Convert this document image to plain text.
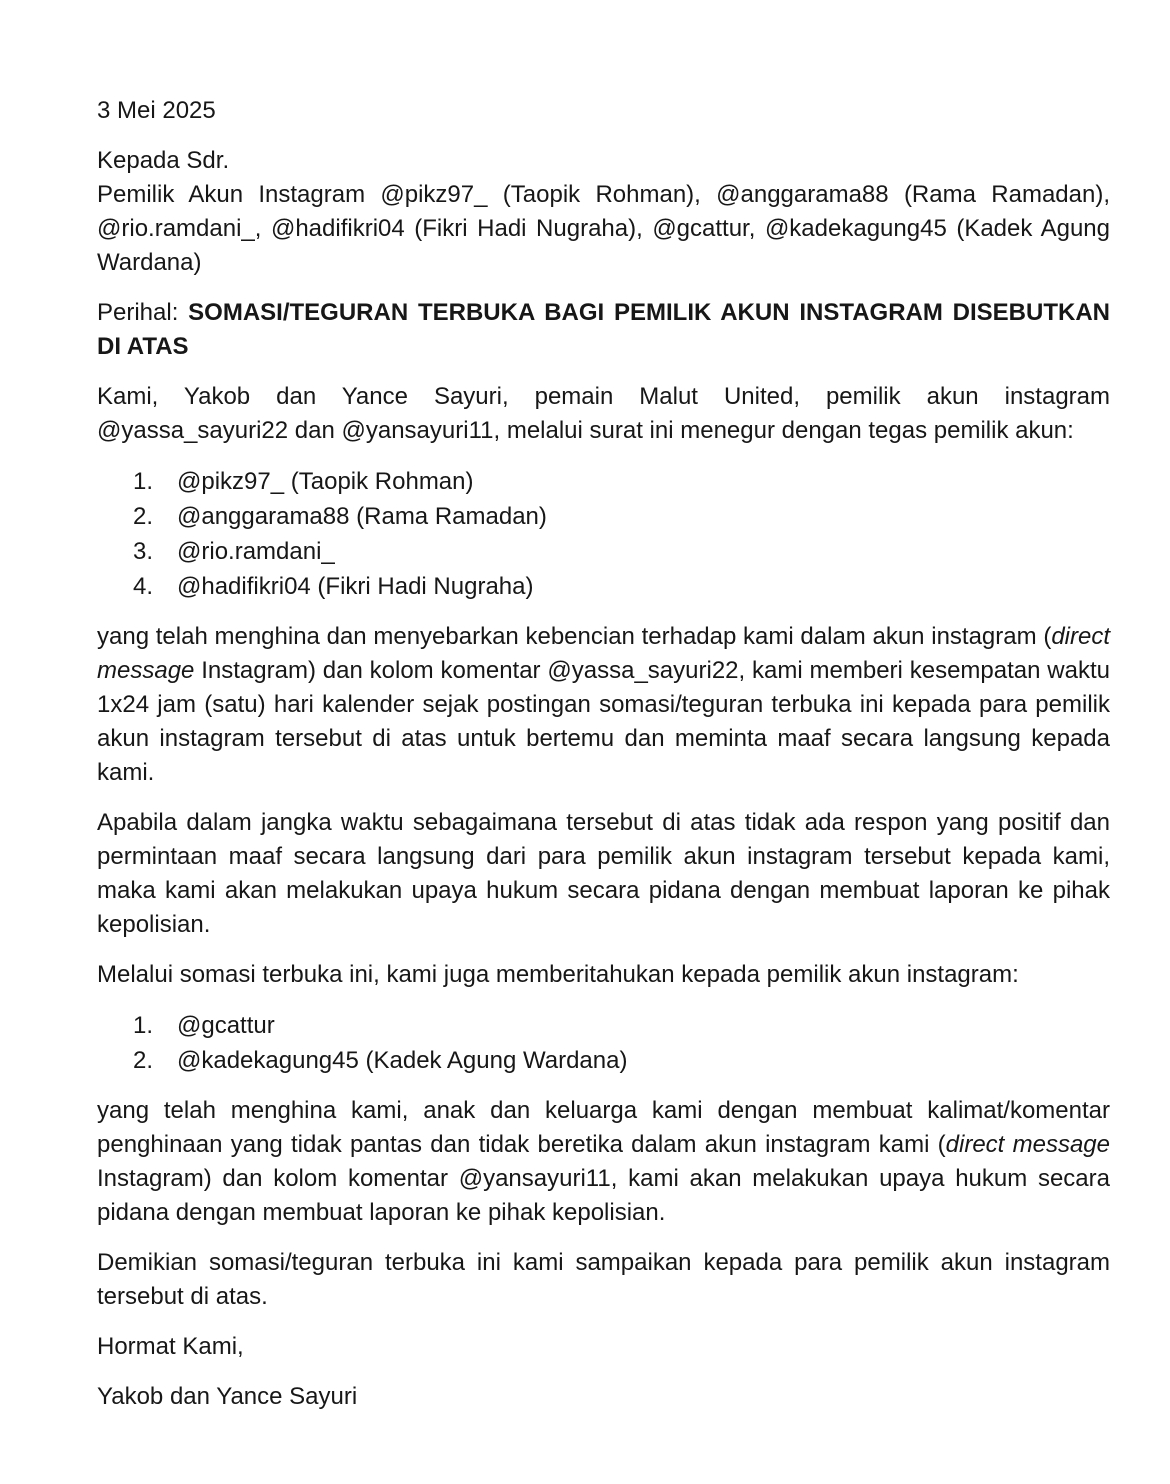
3 Mei 2025

Kepada Sdr.

Pemilik Akun Instagram @pikz97_ (Taopik Rohman), @anggarama88 (Rama Ramadan), @rio.ramdani_, @hadifikri04 (Fikri Hadi Nugraha), @gcattur, @kadekagung45 (Kadek Agung Wardana)

Perihal: SOMASI/TEGURAN TERBUKA BAGI PEMILIK AKUN INSTAGRAM DISEBUTKAN DI ATAS

Kami, Yakob dan Yance Sayuri, pemain Malut United, pemilik akun instagram @yassa_sayuri22 dan @yansayuri11, melalui surat ini menegur dengan tegas pemilik akun:

1. @pikz97_ (Taopik Rohman)
2. @anggarama88 (Rama Ramadan)
3. @rio.ramdani_
4. @hadifikri04 (Fikri Hadi Nugraha)

yang telah menghina dan menyebarkan kebencian terhadap kami dalam akun instagram (direct message Instagram) dan kolom komentar @yassa_sayuri22, kami memberi kesempatan waktu 1x24 jam (satu) hari kalender sejak postingan somasi/teguran terbuka ini kepada para pemilik akun instagram tersebut di atas untuk bertemu dan meminta maaf secara langsung kepada kami.

Apabila dalam jangka waktu sebagaimana tersebut di atas tidak ada respon yang positif dan permintaan maaf secara langsung dari para pemilik akun instagram tersebut kepada kami, maka kami akan melakukan upaya hukum secara pidana dengan membuat laporan ke pihak kepolisian.

Melalui somasi terbuka ini, kami juga memberitahukan kepada pemilik akun instagram:

1. @gcattur
2. @kadekagung45 (Kadek Agung Wardana)

yang telah menghina kami, anak dan keluarga kami dengan membuat kalimat/komentar penghinaan yang tidak pantas dan tidak beretika dalam akun instagram kami (direct message Instagram) dan kolom komentar @yansayuri11, kami akan melakukan upaya hukum secara pidana dengan membuat laporan ke pihak kepolisian.

Demikian somasi/teguran terbuka ini kami sampaikan kepada para pemilik akun instagram tersebut di atas.

Hormat Kami,

Yakob dan Yance Sayuri
